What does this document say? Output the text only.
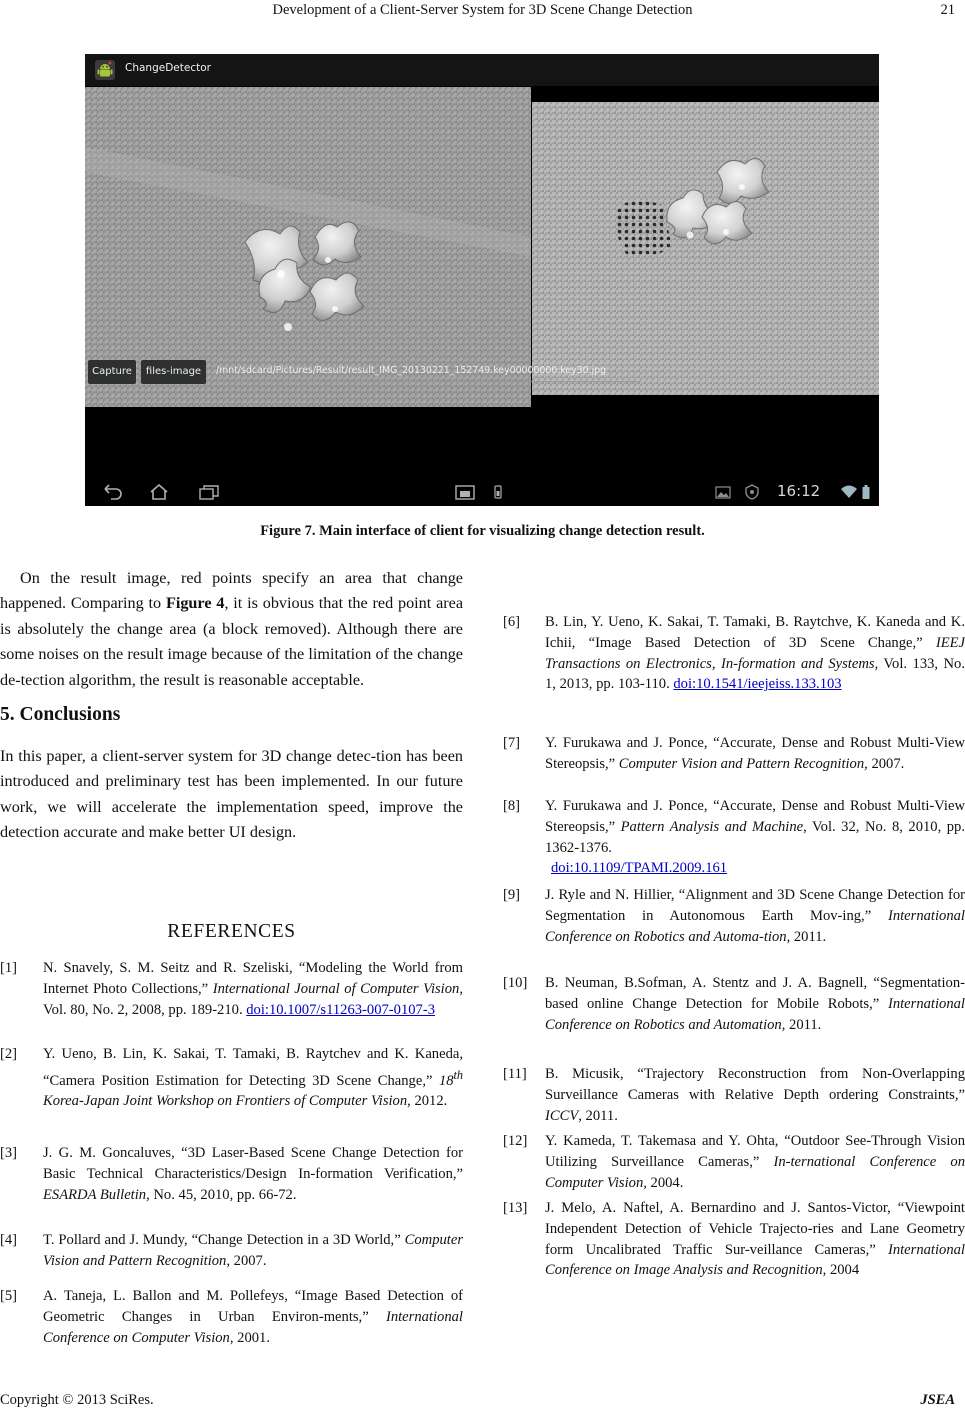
Development of a Client-Server System for 3D Scene Change Detection	21
ChangeDetector
Capture	files-image	/mnt/sdcard/Pictures/Result/result_IMG_20130221_152749.key00000000.key30.jpg
16:12
Figure 7. Main interface of client for visualizing change detection result.

On the result image, red points specify an area that change happened. Comparing to Figure 4, it is obvious that the red point area is absolutely the change area (a block removed). Although there are some noises on the result image because of the limitation of the change de-tection algorithm, the result is reasonable acceptable.

5. Conclusions

In this paper, a client-server system for 3D change detec-tion has been introduced and preliminary test has been implemented. In our future work, we will accelerate the implementation speed, improve the detection accurate and make better UI design.

REFERENCES
[1] N. Snavely, S. M. Seitz and R. Szeliski, “Modeling the World from Internet Photo Collections,” International Journal of Computer Vision, Vol. 80, No. 2, 2008, pp. 189-210. doi:10.1007/s11263-007-0107-3
[2] Y. Ueno, B. Lin, K. Sakai, T. Tamaki, B. Raytchev and K. Kaneda, “Camera Position Estimation for Detecting 3D Scene Change,” 18th Korea-Japan Joint Workshop on Frontiers of Computer Vision, 2012.
[3] J. G. M. Goncaluves, “3D Laser-Based Scene Change Detection for Basic Technical Characteristics/Design In-formation Verification,” ESARDA Bulletin, No. 45, 2010, pp. 66-72.
[4] T. Pollard and J. Mundy, “Change Detection in a 3D World,” Computer Vision and Pattern Recognition, 2007.
[5] A. Taneja, L. Ballon and M. Pollefeys, “Image Based Detection of Geometric Changes in Urban Environ-ments,” International Conference on Computer Vision, 2001.

[6] B. Lin, Y. Ueno, K. Sakai, T. Tamaki, B. Raytchve, K. Kaneda and K. Ichii, “Image Based Detection of 3D Scene Change,” IEEJ Transactions on Electronics, In-formation and Systems, Vol. 133, No. 1, 2013, pp. 103-110. doi:10.1541/ieejeiss.133.103
[7] Y. Furukawa and J. Ponce, “Accurate, Dense and Robust Multi-View Stereopsis,” Computer Vision and Pattern Recognition, 2007.
[8] Y. Furukawa and J. Ponce, “Accurate, Dense and Robust Multi-View Stereopsis,” Pattern Analysis and Machine, Vol. 32, No. 8, 2010, pp. 1362-1376.
doi:10.1109/TPAMI.2009.161
[9] J. Ryle and N. Hillier, “Alignment and 3D Scene Change Detection for Segmentation in Autonomous Earth Mov-ing,” International Conference on Robotics and Automa-tion, 2011.
[10] B. Neuman, B.Sofman, A. Stentz and J. A. Bagnell, “Segmentation-based online Change Detection for Mobile Robots,” International Conference on Robotics and Automation, 2011.
[11] B. Micusik, “Trajectory Reconstruction from Non-Overlapping Surveillance Cameras with Relative Depth ordering Constraints,” ICCV, 2011.
[12] Y. Kameda, T. Takemasa and Y. Ohta, “Outdoor See-Through Vision Utilizing Surveillance Cameras,” In-ternational Conference on Computer Vision, 2004.
[13] J. Melo, A. Naftel, A. Bernardino and J. Santos-Victor, “Viewpoint Independent Detection of Vehicle Trajecto-ries and Lane Geometry form Uncalibrated Traffic Sur-veillance Cameras,” International Conference on Image Analysis and Recognition, 2004
Copyright © 2013 SciRes.	JSEA
